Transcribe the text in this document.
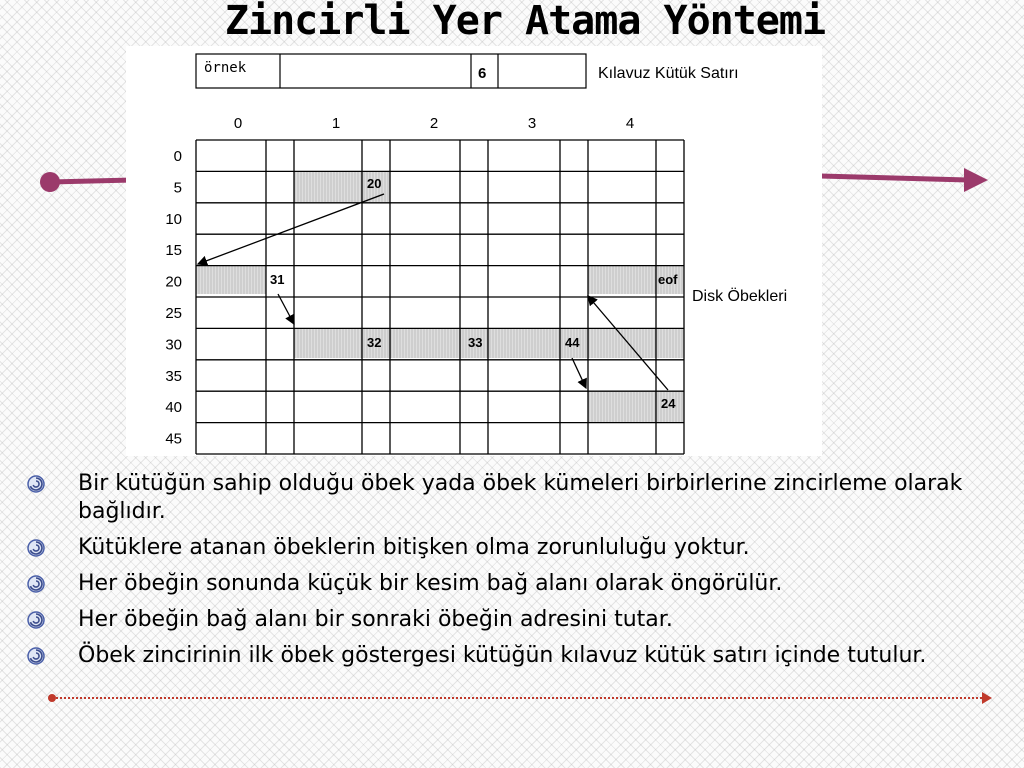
Zincirli Yer Atama Yöntemi
örnek	6	Kılavuz Kütük Satırı
0	1	2	3	4
0
5
10
15
20
25
30
35
40
45
20
31
32	33	44
24
eof
Disk Öbekleri
Bir kütüğün sahip olduğu öbek yada öbek kümeleri birbirlerine zincirleme olarak bağlıdır.
Kütüklere atanan öbeklerin bitişken olma zorunluluğu yoktur.
Her öbeğin sonunda küçük bir kesim bağ alanı olarak öngörülür.
Her öbeğin bağ alanı bir sonraki öbeğin adresini tutar.
Öbek zincirinin ilk öbek göstergesi kütüğün kılavuz kütük satırı içinde tutulur.
